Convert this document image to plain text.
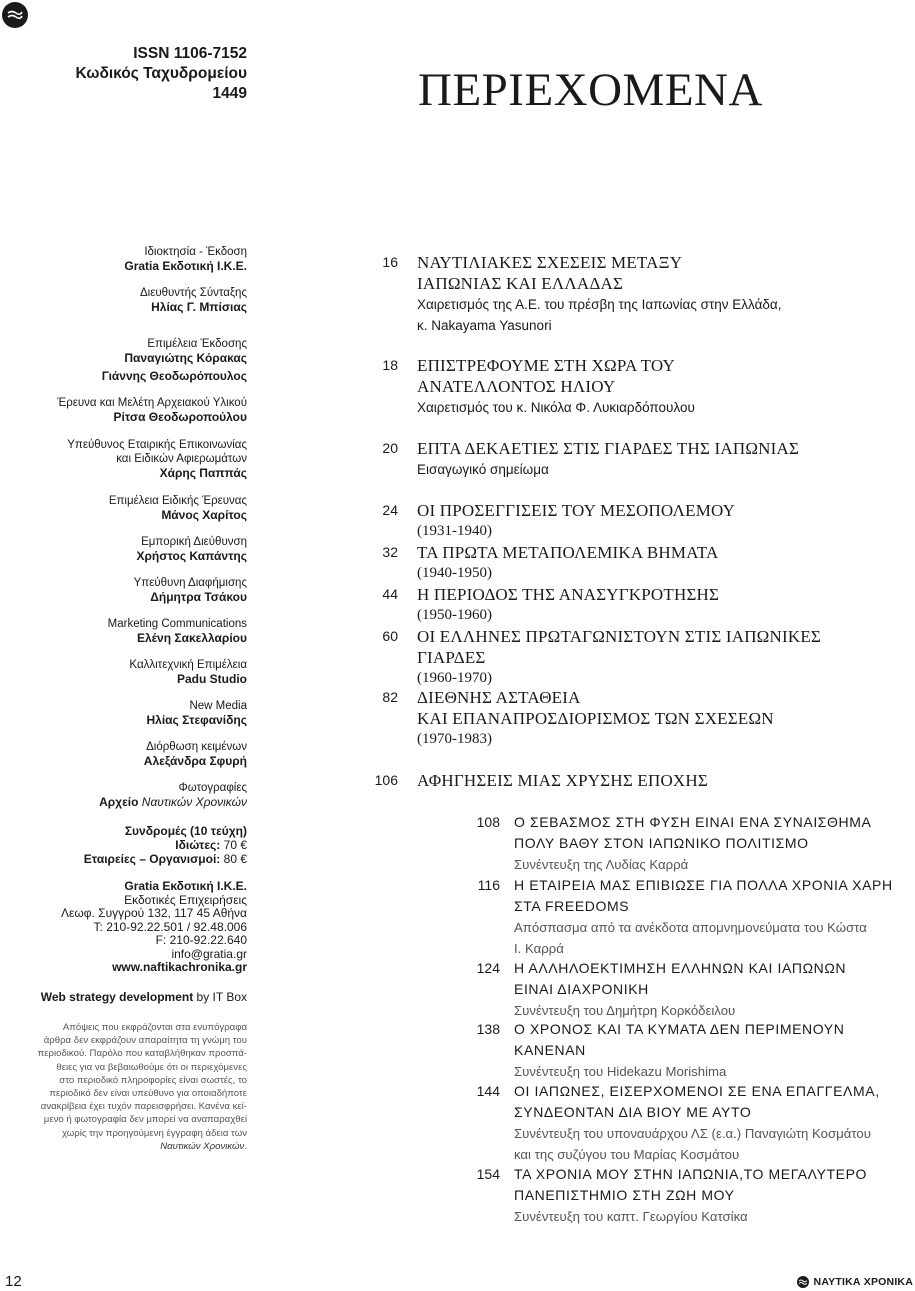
ISSN 1106-7152
Κωδικός Ταχυδρομείου
1449	ΠΕΡΙΕΧΟΜΕΝΑ
Ιδιοκτησία - Έκδοση
Gratia Εκδοτική Ι.Κ.Ε.
Διευθυντής Σύνταξης
Ηλίας Γ. Μπίσιας
Επιμέλεια Έκδοσης
Παναγιώτης Κόρακας
Γιάννης Θεοδωρόπουλος
Έρευνα και Μελέτη Αρχειακού Υλικού
Ρίτσα Θεοδωροπούλου
Υπεύθυνος Εταιρικής Επικοινωνίας
και Ειδικών Αφιερωμάτων
Χάρης Παππάς
Επιμέλεια Ειδικής Έρευνας
Μάνος Χαρίτος
Εμπορική Διεύθυνση
Χρήστος Καπάντης
Υπεύθυνη Διαφήμισης
Δήμητρα Τσάκου
Marketing Communications
Ελένη Σακελλαρίου
Καλλιτεχνική Επιμέλεια
Padu Studio
New Media
Ηλίας Στεφανίδης
Διόρθωση κειμένων
Αλεξάνδρα Σφυρή
Φωτογραφίες
Αρχείο Ναυτικών Χρονικών
Συνδρομές (10 τεύχη)
Ιδιώτες: 70 €
Εταιρείες – Οργανισμοί: 80 €
Gratia Εκδοτική Ι.Κ.Ε.
Εκδοτικές Επιχειρήσεις
Λεωφ. Συγγρού 132, 117 45 Αθήνα
T: 210-92.22.501 / 92.48.006
F: 210-92.22.640
info@gratia.gr
www.naftikachronika.gr
Web strategy development by IT Box
Απόψεις που εκφράζονται στα ενυπόγραφα
άρθρα δεν εκφράζουν απαραίτητα τη γνώμη του
περιοδικού. Παρόλο που καταβλήθηκαν προσπά-
θειες για να βεβαιωθούμε ότι οι περιεχόμενες
στο περιοδικό πληροφορίες είναι σωστές, το
περιοδικό δεν είναι υπεύθυνο για οποιαδήποτε
ανακρίβεια έχει τυχόν παρεισφρήσει. Κανένα κεί-
μενο ή φωτογραφία δεν μπορεί να αναπαραχθεί
χωρίς την προηγούμενη έγγραφη άδεια των
Ναυτικών Χρονικών.
16 ΝΑΥΤΙΛΙΑΚΕΣ ΣΧΕΣΕΙΣ ΜΕΤΑΞΥ
ΙΑΠΩΝΙΑΣ ΚΑΙ ΕΛΛΑΔΑΣ
Χαιρετισμός της Α.Ε. του πρέσβη της Ιαπωνίας στην Ελλάδα,
κ. Nakayama Yasunori
18 ΕΠΙΣΤΡΕΦΟΥΜΕ ΣΤΗ ΧΩΡΑ ΤΟΥ
ΑΝΑΤΕΛΛΟΝΤΟΣ ΗΛΙΟΥ
Χαιρετισμός του κ. Νικόλα Φ. Λυκιαρδόπουλου
20 ΕΠΤΑ ΔΕΚΑΕΤΙΕΣ ΣΤΙΣ ΓΙΑΡΔΕΣ ΤΗΣ ΙΑΠΩΝΙΑΣ
Εισαγωγικό σημείωμα
24 ΟΙ ΠΡΟΣΕΓΓΙΣΕΙΣ ΤΟΥ ΜΕΣΟΠΟΛΕΜΟΥ
(1931-1940)
32 ΤΑ ΠΡΩΤΑ ΜΕΤΑΠΟΛΕΜΙΚΑ ΒΗΜΑΤΑ
(1940-1950)
44 Η ΠΕΡΙΟΔΟΣ ΤΗΣ ΑΝΑΣΥΓΚΡΟΤΗΣΗΣ
(1950-1960)
60 ΟΙ ΕΛΛΗΝΕΣ ΠΡΩΤΑΓΩΝΙΣΤΟΥΝ ΣΤΙΣ ΙΑΠΩΝΙΚΕΣ
ΓΙΑΡΔΕΣ
(1960-1970)
82 ΔΙΕΘΝΗΣ ΑΣΤΑΘΕΙΑ
ΚΑΙ ΕΠΑΝΑΠΡΟΣΔΙΟΡΙΣΜΟΣ ΤΩΝ ΣΧΕΣΕΩΝ
(1970-1983)
106 ΑΦΗΓΗΣΕΙΣ ΜΙΑΣ ΧΡΥΣΗΣ ΕΠΟΧΗΣ
108 Ο ΣΕΒΑΣΜΟΣ ΣΤΗ ΦΥΣΗ ΕΙΝΑΙ ΕΝΑ ΣΥΝΑΙΣΘΗΜΑ
ΠΟΛΥ ΒΑΘΥ ΣΤΟΝ ΙΑΠΩΝΙΚΟ ΠΟΛΙΤΙΣΜΟ
Συνέντευξη της Λυδίας Καρρά
116 Η ΕΤΑΙΡΕΙΑ ΜΑΣ ΕΠΙΒΙΩΣΕ ΓΙΑ ΠΟΛΛΑ ΧΡΟΝΙΑ ΧΑΡΗ
ΣΤΑ FREEDOMS
Απόσπασμα από τα ανέκδοτα απομνημονεύματα του Κώστα
Ι. Καρρά
124 Η ΑΛΛΗΛΟΕΚΤΙΜΗΣΗ ΕΛΛΗΝΩΝ ΚΑΙ ΙΑΠΩΝΩΝ
ΕΙΝΑΙ ΔΙΑΧΡΟΝΙΚΗ
Συνέντευξη του Δημήτρη Κορκόδειλου
138 Ο ΧΡΟΝΟΣ ΚΑΙ ΤΑ ΚΥΜΑΤΑ ΔΕΝ ΠΕΡΙΜΕΝΟΥΝ
ΚΑΝΕΝΑΝ
Συνέντευξη του Hidekazu Morishima
144 ΟΙ ΙΑΠΩΝΕΣ, ΕΙΣΕΡΧΟΜΕΝΟΙ ΣΕ ΕΝΑ ΕΠΑΓΓΕΛΜΑ,
ΣΥΝΔΕΟΝΤΑΝ ΔΙΑ ΒΙΟΥ ΜΕ ΑΥΤΟ
Συνέντευξη του υποναυάρχου ΛΣ (ε.α.) Παναγιώτη Κοσμάτου
και της συζύγου του Μαρίας Κοσμάτου
154 ΤΑ ΧΡΟΝΙΑ ΜΟΥ ΣΤΗΝ ΙΑΠΩΝΙΑ,ΤΟ ΜΕΓΑΛΥΤΕΡΟ
ΠΑΝΕΠΙΣΤΗΜΙΟ ΣΤΗ ΖΩΗ ΜΟΥ
Συνέντευξη του καπτ. Γεωργίου Κατσίκα
12	ΝΑΥΤΙΚΑ ΧΡΟΝΙΚΑ
